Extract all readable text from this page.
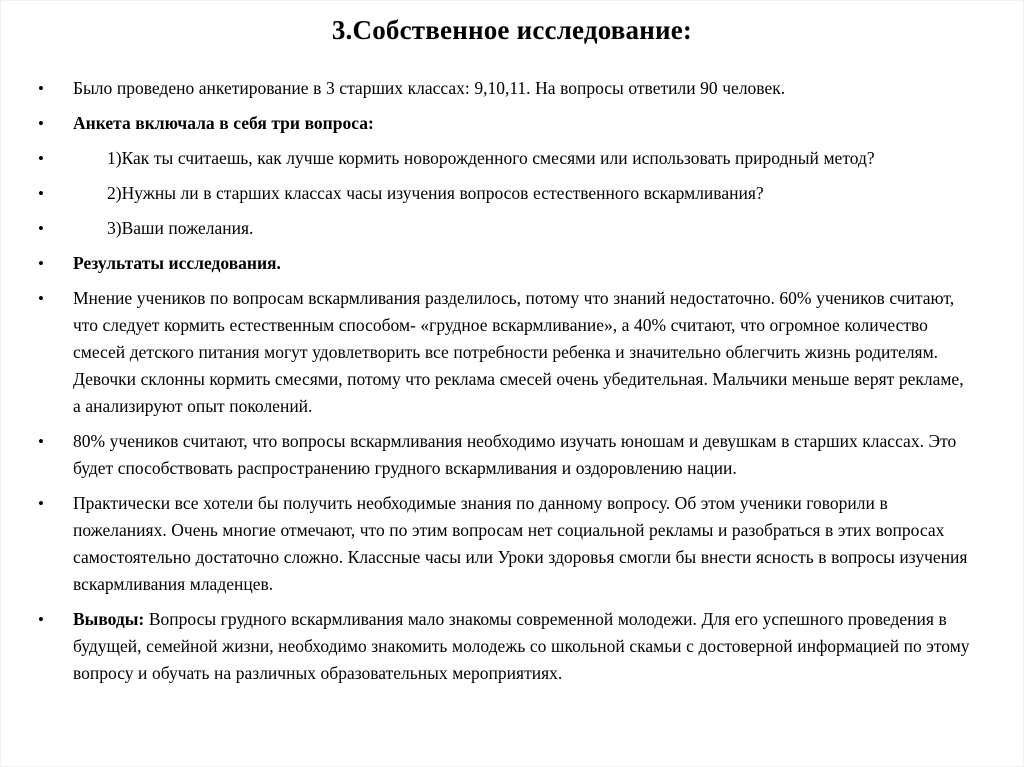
3.Собственное исследование:
• Было проведено анкетирование в 3 старших классах: 9,10,11. На вопросы ответили 90 человек.
• Анкета включала в себя три вопроса:
•	1)Как ты считаешь, как лучше кормить новорожденного смесями или использовать природный метод?
•	2)Нужны ли в старших классах часы изучения вопросов естественного вскармливания?
•	3)Ваши пожелания.
• Результаты исследования.
• Мнение учеников по вопросам вскармливания разделилось, потому что знаний недостаточно. 60% учеников считают, что следует кормить естественным способом- «грудное вскармливание», а 40% считают, что огромное количество смесей детского питания могут удовлетворить все потребности ребенка и значительно облегчить жизнь родителям. Девочки склонны кормить смесями, потому что реклама смесей очень убедительная. Мальчики меньше верят рекламе, а анализируют опыт поколений.
• 80% учеников считают, что вопросы вскармливания необходимо изучать юношам и девушкам в старших классах. Это будет способствовать распространению грудного вскармливания и оздоровлению нации.
• Практически все хотели бы получить необходимые знания по данному вопросу. Об этом ученики говорили в пожеланиях. Очень многие отмечают, что по этим вопросам нет социальной рекламы и разобраться в этих вопросах самостоятельно достаточно сложно. Классные часы или Уроки здоровья смогли бы внести ясность в вопросы изучения вскармливания младенцев.
• Выводы: Вопросы грудного вскармливания мало знакомы современной молодежи. Для его успешного проведения в будущей, семейной жизни, необходимо знакомить молодежь со школьной скамьи с достоверной информацией по этому вопросу и обучать на различных образовательных мероприятиях.
